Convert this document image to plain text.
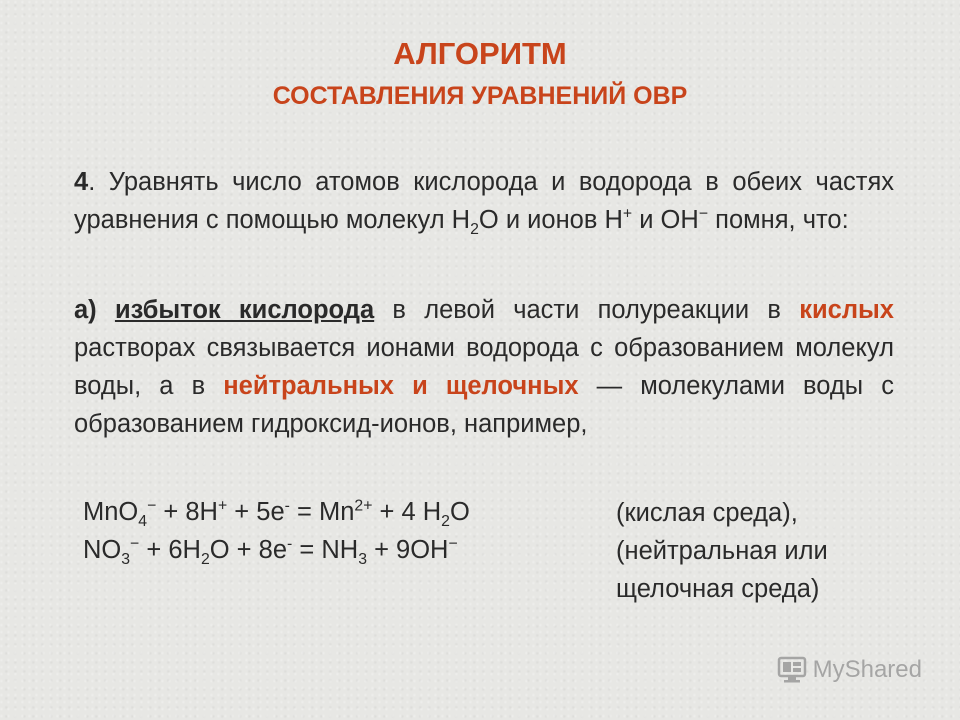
АЛГОРИТМ
СОСТАВЛЕНИЯ УРАВНЕНИЙ ОВР

4. Уравнять число атомов кислорода и водорода в обеих частях уравнения с помощью молекул $Н_2О$ и ионов Н+ и ОН− помня, что:

а) избыток кислорода в левой части полуреакции в кислых растворах связывается ионами водорода с образованием молекул воды, а в нейтральных и щелочных — молекулами воды с образованием гидроксид-ионов, например,

$MnO_4^- + 8H^+ + 5e^- = Mn^{2+} + 4$ $H_2O$

$NO_3^- + 6H_2O + 8e^- = NH_3 + 9OH^-$

(кислая среда),

(нейтральная или

щелочная среда)

MyShared
